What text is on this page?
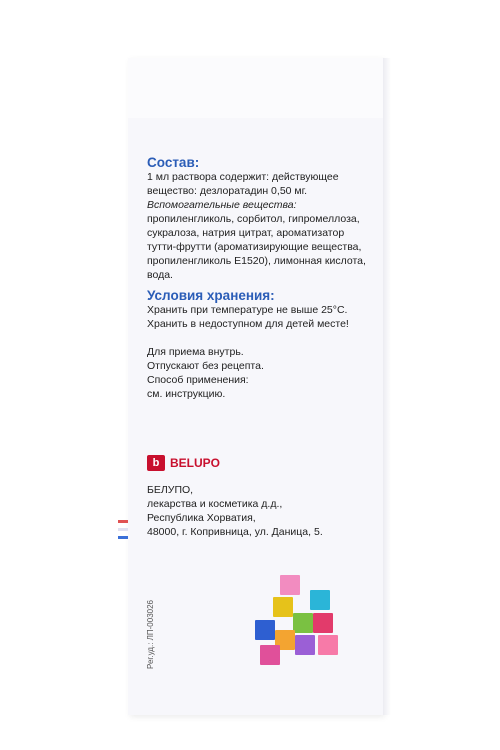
Состав:

1 мл раствора содержит: действующее

вещество: дезлоратадин 0,50 мг.

Вспомогательные вещества:

пропиленгликоль, сорбитол, гипромеллоза,

сукралоза, натрия цитрат, ароматизатор

тутти-фрутти (ароматизирующие вещества,

пропиленгликоль E1520), лимонная кислота,

вода.

Условия хранения:

Хранить при температуре не выше 25°С.

Хранить в недоступном для детей месте!

Для приема внутрь.

Отпускают без рецепта.

Способ применения:

см. инструкцию.

b BELUPO

БЕЛУПО,

лекарства и косметика д.д.,

Республика Хорватия,

48000, г. Копривница, ул. Даница, 5.

Рег.уд.: ЛП-003026
